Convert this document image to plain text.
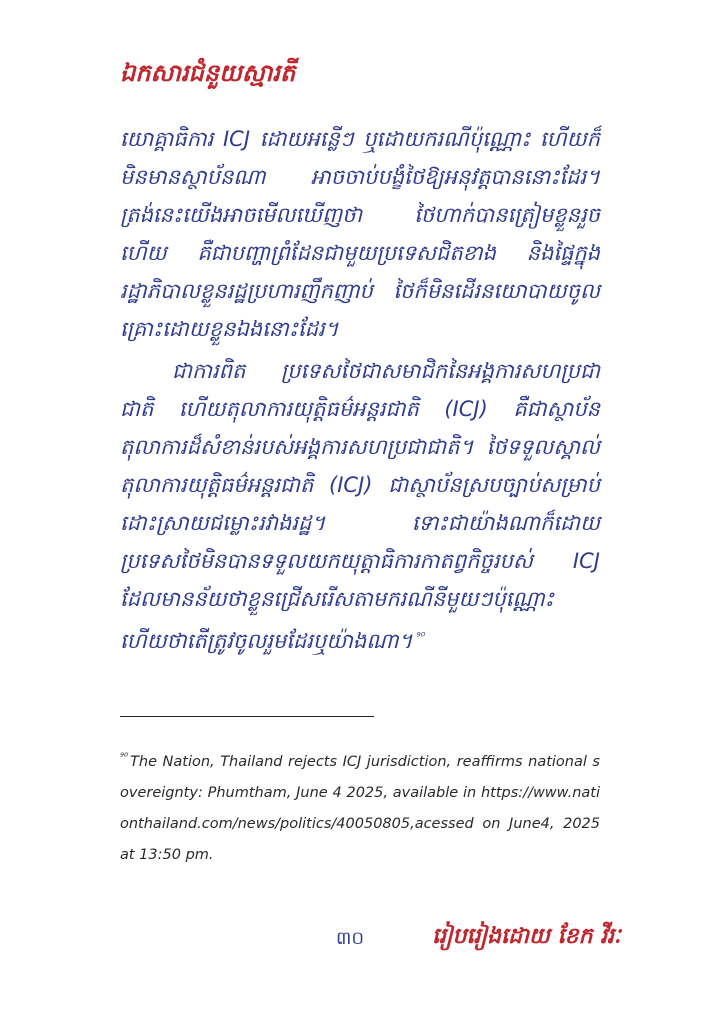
ឯកសារជំនួយស្មារតី

យោគ្គាធិការ ICJ ដោយអន្លើៗ ឬដោយករណីប៉ុណ្ណោះ ហើយក៏មិនមានស្ថាប័នណា អាចចាប់បង្ខំថៃឱ្យអនុវត្តបាននោះដែរ។ ត្រង់នេះយើងអាចមើលឃើញថា ថៃហាក់បានត្រៀមខ្លួនរួចហើយ គឺជាបញ្ហាព្រំដែនជាមួយប្រទេសជិតខាង និងផ្ទៃក្នុងរដ្ឋាភិបាលខ្លួនរដ្ឋប្រហារញឹកញាប់ ថៃក៏មិនដើរនយោបាយចូលគ្រោះដោយខ្លួនឯងនោះដែរ។

ជាការពិត ប្រទេសថៃជាសមាជិកនៃអង្គការសហប្រជាជាតិ ហើយតុលាការយុត្តិធម៌អន្តរជាតិ (ICJ) គឺជាស្ថាប័នតុលាការដ៏សំខាន់របស់អង្គការសហប្រជាជាតិ។ ថៃទទួលស្គាល់តុលាការយុត្តិធម៌អន្តរជាតិ (ICJ) ជាស្ថាប័នស្របច្បាប់សម្រាប់ដោះស្រាយជម្លោះរវាងរដ្ឋ។ ទោះជាយ៉ាងណាក៏ដោយ ប្រទេសថៃមិនបានទទួលយកយុត្តាធិការកាតព្វកិច្ចរបស់ ICJ ដែលមានន័យថាខ្លួនជ្រើសរើសតាមករណីនីមួយៗប៉ុណ្ណោះ ហើយថាតើត្រូវចូលរួមដែរឬយ៉ាងណា។ $^{^{90}}$

$^{^{90}}$ The Nation, Thailand rejects ICJ jurisdiction, reaffirms national sovereignty: Phumtham, June 4 2025, available in https://www.nationthailand.com/news/politics/40050805,acessed on June4, 2025 at 13:50 pm.
៣០	រៀបរៀងដោយ ខែក វីរៈ
